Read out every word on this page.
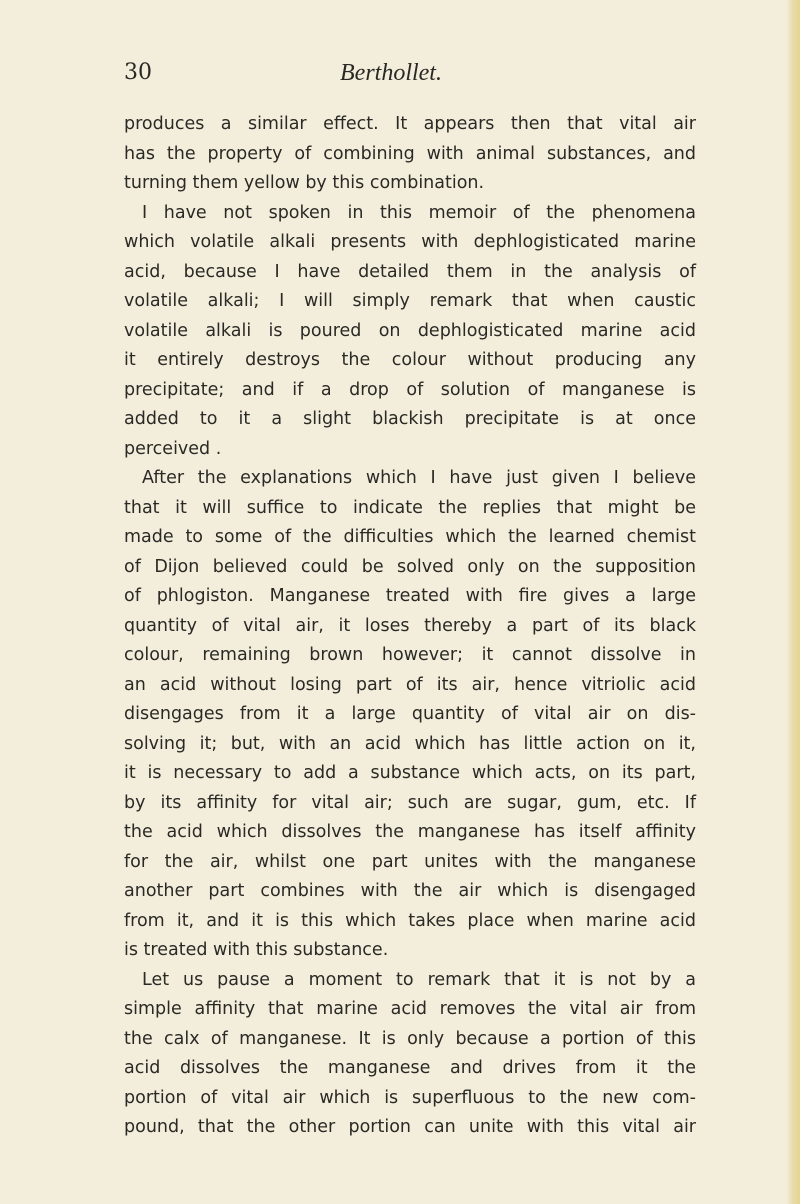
30	Berthollet.
produces a similar effect. It appears then that vital air
has the property of combining with animal substances, and
turning them yellow by this combination.
I have not spoken in this memoir of the phenomena
which volatile alkali presents with dephlogisticated marine
acid, because I have detailed them in the analysis of
volatile alkali; I will simply remark that when caustic
volatile alkali is poured on dephlogisticated marine acid
it entirely destroys the colour without producing any
precipitate; and if a drop of solution of manganese is
added to it a slight blackish precipitate is at once
perceived .
After the explanations which I have just given I believe
that it will suffice to indicate the replies that might be
made to some of the difficulties which the learned chemist
of Dijon believed could be solved only on the supposition
of phlogiston. Manganese treated with fire gives a large
quantity of vital air, it loses thereby a part of its black
colour, remaining brown however; it cannot dissolve in
an acid without losing part of its air, hence vitriolic acid
disengages from it a large quantity of vital air on dis-
solving it; but, with an acid which has little action on it,
it is necessary to add a substance which acts, on its part,
by its affinity for vital air; such are sugar, gum, etc. If
the acid which dissolves the manganese has itself affinity
for the air, whilst one part unites with the manganese
another part combines with the air which is disengaged
from it, and it is this which takes place when marine acid
is treated with this substance.
Let us pause a moment to remark that it is not by a
simple affinity that marine acid removes the vital air from
the calx of manganese. It is only because a portion of this
acid dissolves the manganese and drives from it the
portion of vital air which is superfluous to the new com-
pound, that the other portion can unite with this vital air
